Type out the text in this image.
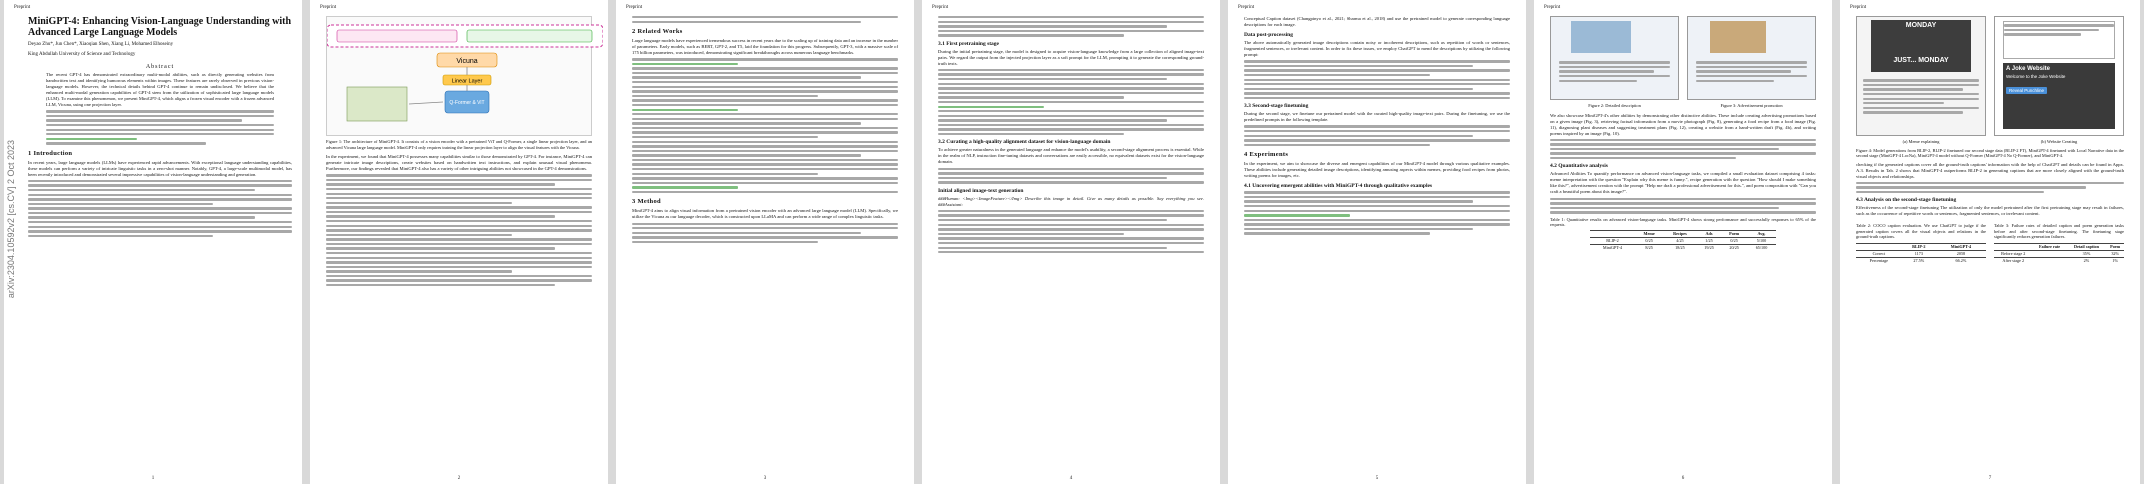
Preprint
arXiv:2304.10592v2 [cs.CV] 2 Oct 2023
MiniGPT-4: Enhancing Vision-Language Understanding with Advanced Large Language Models
Deyao Zhu*, Jun Chen*, Xiaoqian Shen, Xiang Li, Mohamed Elhoseiny
King Abdullah University of Science and Technology
Abstract
The recent GPT-4 has demonstrated extraordinary multi-modal abilities, such as directly generating websites from handwritten text and identifying humorous elements within images. These features are rarely observed in previous vision-language models. However, the technical details behind GPT-4 continue to remain undisclosed. We believe that the enhanced multi-modal generation capabilities of GPT-4 stem from the utilization of sophisticated large language models (LLM). To examine this phenomenon, we present MiniGPT-4, which aligns a frozen visual encoder with a frozen advanced LLM, Vicuna, using one projection layer.
1 Introduction
In recent years, large language models (LLMs) have experienced rapid advancements. With exceptional language understanding capabilities, these models can perform a variety of intricate linguistic tasks in a zero-shot manner. Notably, GPT-4, a large-scale multimodal model, has been recently introduced and demonstrated several impressive capabilities of vision-language understanding and generation.
1
Preprint
Vicuna
Linear Layer
Q-Former & ViT
Figure 1: The architecture of MiniGPT-4. It consists of a vision encoder with a pretrained ViT and Q-Former, a single linear projection layer, and an advanced Vicuna large language model. MiniGPT-4 only requires training the linear projection layer to align the visual features with the Vicuna.
In the experiment, we found that MiniGPT-4 possesses many capabilities similar to those demonstrated by GPT-4. For instance, MiniGPT-4 can generate intricate image descriptions, create websites based on handwritten text instructions, and explain unusual visual phenomena. Furthermore, our findings revealed that MiniGPT-4 also has a variety of other intriguing abilities not showcased in the GPT-4 demonstrations.
2
Preprint
2 Related Works
Large language models have experienced tremendous success in recent years due to the scaling up of training data and an increase in the number of parameters. Early models, such as BERT, GPT-2, and T5, laid the foundation for this progress. Subsequently, GPT-3, with a massive scale of 175 billion parameters, was introduced, demonstrating significant breakthroughs across numerous language benchmarks.
3 Method
MiniGPT-4 aims to align visual information from a pretrained vision encoder with an advanced large language model (LLM). Specifically, we utilize the Vicuna as our language decoder, which is constructed upon LLaMA and can perform a wide range of complex linguistic tasks.
3
Preprint
3.1 First pretraining stage
During the initial pretraining stage, the model is designed to acquire vision-language knowledge from a large collection of aligned image-text pairs. We regard the output from the injected projection layer as a soft prompt for the LLM, prompting it to generate the corresponding ground-truth texts.
3.2 Curating a high-quality alignment dataset for vision-language domain
To achieve greater naturalness in the generated language and enhance the model's usability, a second-stage alignment process is essential. While in the realm of NLP, instruction fine-tuning datasets and conversations are easily accessible, no equivalent datasets exist for the vision-language domain.
Initial aligned image-text generation
###Human: <Img><ImageFeature></Img> Describe this image in detail. Give as many details as possible. Say everything you see. ###Assistant:
4
Preprint
Conceptual Caption dataset (Changpinyo et al., 2021; Sharma et al., 2018) and use the pretrained model to generate corresponding language descriptions for each image.
Data post-processing
The above automatically generated image descriptions contain noisy or incoherent descriptions, such as repetition of words or sentences, fragmented sentences, or irrelevant content. In order to fix these issues, we employ ChatGPT to mend the descriptions by utilizing the following prompt:
3.3 Second-stage finetuning
During the second stage, we finetune our pretrained model with the curated high-quality image-text pairs. During the finetuning, we use the predefined prompts in the following template.
4 Experiments
In the experiment, we aim to showcase the diverse and emergent capabilities of our MiniGPT-4 model through various qualitative examples. These abilities include generating detailed image descriptions, identifying amusing aspects within memes, providing food recipes from photos, writing poems for images, etc.
4.1 Uncovering emergent abilities with MiniGPT-4 through qualitative examples
5
Preprint
Figure 2: Detailed description	Figure 3: Advertisement promotion
We also showcase MiniGPT-4's other abilities by demonstrating other distinctive abilities. These include creating advertising promotions based on a given image (Fig. 3), retrieving factual information from a movie photograph (Fig. 8), generating a food recipe from a food image (Fig. 11), diagnosing plant diseases and suggesting treatment plans (Fig. 12), creating a website from a hand-written draft (Fig. 4b), and writing poems inspired by an image (Fig. 10).
4.2 Quantitative analysis
Advanced Abilities To quantify performance on advanced vision-language tasks, we compiled a small evaluation dataset comprising 4 tasks: meme interpretation with the question "Explain why this meme is funny.", recipe generation with the question "How should I make something like this?", advertisement creation with the prompt "Help me draft a professional advertisement for this.", and poem composition with "Can you craft a beautiful poem about this image?".
Table 1: Quantitative results on advanced vision-language tasks. MiniGPT-4 shows strong performance and successfully responses to 65% of the requests.
	Meme	Recipes	Ads	Poem	Avg.
BLIP-2	0/25	4/25	1/25	0/25	5/100
MiniGPT-4	8/25	18/25	19/25	20/25	65/100
6
Preprint
MONDAY
JUST... MONDAY
(a) Meme explaining
A Joke Website
Welcome to the Joke Website
Reveal Punchline
(b) Website Creating
Figure 4: Model generations from BLIP-2, BLIP-2 finetuned our second stage data (BLIP-2 FT), MiniGPT-4 finetuned with Local Narrative data in the second stage (MiniGPT-4 LocNa), MiniGPT-4 model without Q-Former (MiniGPT-4 No Q-Former), and MiniGPT-4.
checking if the generated captions cover all the ground-truth captions' information with the help of ChatGPT and details can be found in Appx. A.3. Results in Tab. 2 shows that MiniGPT-4 outperforms BLIP-2 in generating captions that are more closely aligned with the ground-truth visual objects and relationships.
4.3 Analysis on the second-stage finetuning
Effectiveness of the second-stage finetuning The utilization of only the model pretrained after the first pretraining stage may result in failures, such as the occurrence of repetitive words or sentences, fragmented sentences, or irrelevant content.
Table 2: COCO caption evaluation. We use ChatGPT to judge if the generated caption covers all the visual objects and relations in the ground-truth captions.
	BLIP-2	MiniGPT-4
Correct	1173	2058
Percentage	27.5%	66.2%
Table 3: Failure rates of detailed caption and poem generation tasks before and after second-stage finetuning. The finetuning stage significantly reduces generation failures.
	Failure rate	Detail caption	Poem
Before stage 2		35%	32%
After stage 2		2%	1%
7
